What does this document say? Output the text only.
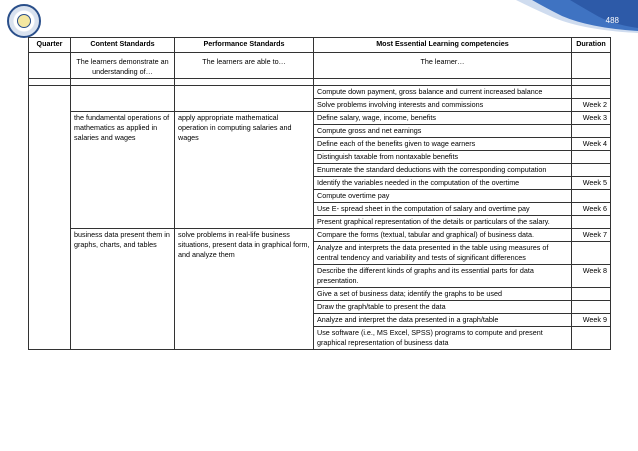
488
Quarter	Content Standards	Performance Standards	Most Essential Learning competencies	Duration
	The learners demonstrate an understanding of…	The learners are able to…	The learner…	

			Compute down payment, gross balance and current increased balance	
			Solve problems involving interests and commissions	Week 2
	the fundamental operations of mathematics as applied in salaries and wages	apply appropriate mathematical operation in computing salaries and wages	Define salary, wage, income, benefits	Week 3
			Compute gross and net earnings	
			Define each of the benefits given to wage earners	Week 4
			Distinguish taxable from nontaxable benefits	
			Enumerate the standard deductions with the corresponding computation	
			Identify the variables needed in the computation of the overtime	Week 5
			Compute overtime pay	
			Use E- spread sheet in the computation of salary and overtime pay	Week 6
			Present graphical representation of the details or particulars of the salary.	
	business data present them in graphs, charts, and tables	solve problems in real-life business situations, present data in graphical form, and analyze them	Compare the forms (textual, tabular and graphical) of business data.	Week 7
			Analyze and interprets the data presented in the table using measures of central tendency and variability and tests of significant differences	
			Describe the different kinds of graphs and its essential parts for data presentation.	Week 8
			Give a set of business data; identify the graphs to be used	
			Draw the graph/table to present the data	
			Analyze and interpret the data presented in a graph/table	Week 9
			Use software (i.e., MS Excel, SPSS) programs to compute and present graphical representation of business data	
